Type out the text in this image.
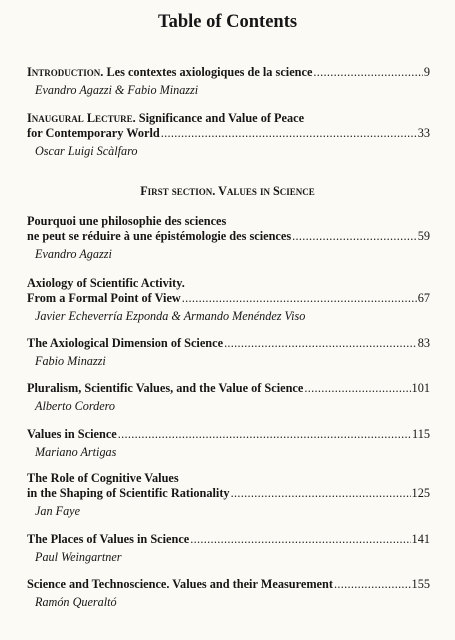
Table of Contents
Introduction. Les contextes axiologiques de la science .....	9
Evandro Agazzi & Fabio Minazzi
Inaugural Lecture. Significance and Value of Peace
for Contemporary World .....	33
Oscar Luigi Scàlfaro
First section. Values in Science
Pourquoi une philosophie des sciences
ne peut se réduire à une épistémologie des sciences .....	59
Evandro Agazzi
Axiology of Scientific Activity.
From a Formal Point of View .....	67
Javier Echeverría Ezponda & Armando Menéndez Viso
The Axiological Dimension of Science .....	83
Fabio Minazzi
Pluralism, Scientific Values, and the Value of Science .....	101
Alberto Cordero
Values in Science .....	115
Mariano Artigas
The Role of Cognitive Values
in the Shaping of Scientific Rationality .....	125
Jan Faye
The Places of Values in Science .....	141
Paul Weingartner
Science and Technoscience. Values and their Measurement .....	155
Ramón Queraltó
